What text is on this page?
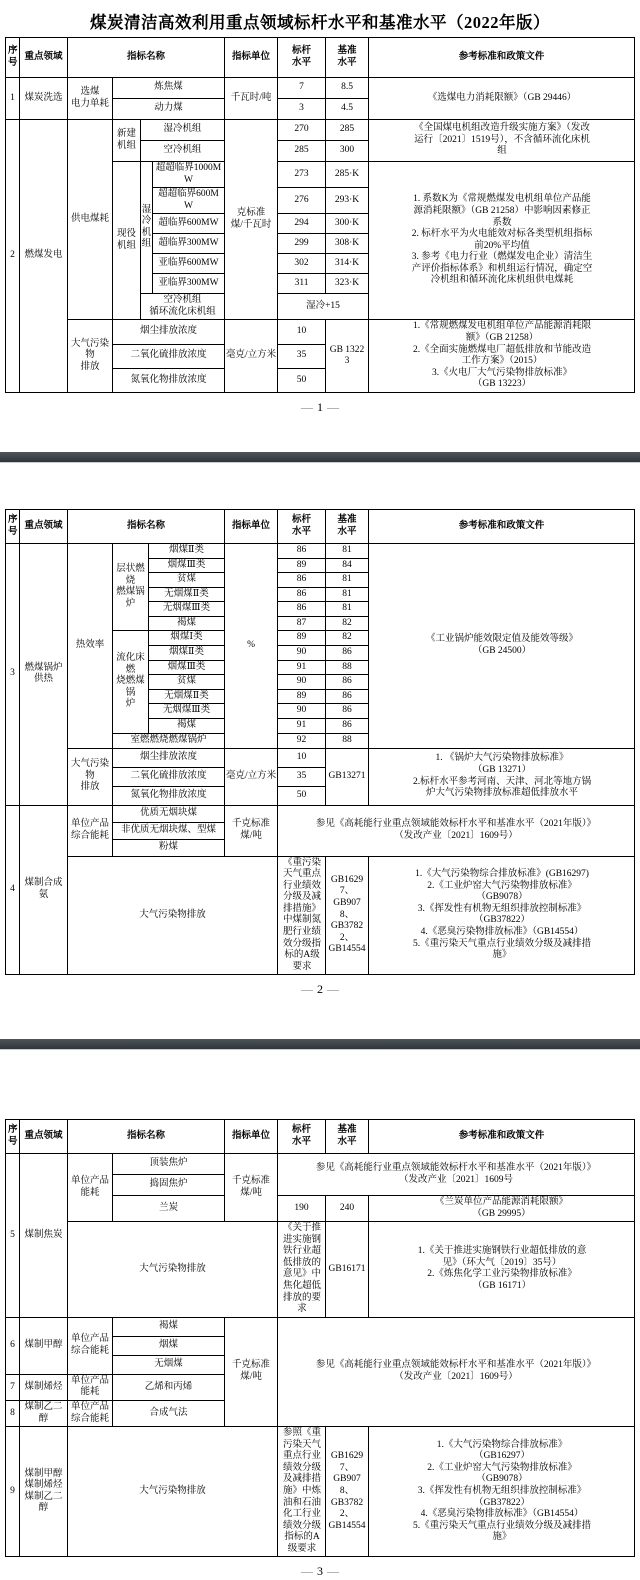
煤炭清洁高效利用重点领域标杆水平和基准水平（2022年版）
序
号	重点领域	指标名称				指标单位	标杆
水平	基准
水平	参考标准和政策文件
1	煤炭洗选	选煤
电力单耗	炼焦煤			千瓦时/吨	7	8.5	《选煤电力消耗限额》（GB 29446）
			动力煤				3	4.5	
2	燃煤发电	供电煤耗	新建
机组	湿冷机组		克标准
煤/千瓦时	270	285	《全国煤电机组改造升级实施方案》（发改
运行〔2021〕1519号），不含循环流化床机
组
				空冷机组			285	300	
现役
机组	湿冷机组	超超临界1000MW	273	285·K	1. 系数K为《常规燃煤发电机组单位产品能
源消耗限额》（GB 21258）中影响因素修正
系数
2. 标杆水平为火电能效对标各类型机组指标
前20%平均值
3. 参考《电力行业（燃煤发电企业）清洁生
产评价指标体系》和机组运行情况，确定空
冷机组和循环流化床机组供电煤耗
					超超临界600MW		276	293·K	
					超临界600MW		294	300·K	
					超临界300MW		299	308·K	
					亚临界600MW		302	314·K	
					亚临界300MW		311	323·K	
				空冷机组
循环流化床机组			湿冷+15		
大气污染物
排放	烟尘排放浓度	毫克/立方米	10	GB 13223	1.《常规燃煤发电机组单位产品能源消耗限
额》（GB 21258）
2.《全面实施燃煤电厂超低排放和节能改造
工作方案》（2015）
3.《火电厂大气污染物排放标准》
（GB 13223）
			二氧化硫排放浓度				35		
			氮氧化物排放浓度				50		
— 1 —
序
号	重点领域	指标名称			指标单位	标杆
水平	基准
水平	参考标准和政策文件
3	燃煤锅炉
供热	热效率	层状燃烧
燃煤锅炉	烟煤Ⅱ类	%	86	81	《工业锅炉能效限定值及能效等级》
（GB 24500）
				烟煤Ⅲ类		89	84	
				贫煤		86	81	
				无烟煤Ⅱ类		86	81	
				无烟煤Ⅲ类		86	81	
				褐煤		87	82	
			流化床燃
烧燃煤锅
炉	烟煤Ⅰ类		89	82	
				烟煤Ⅱ类		90	86	
				烟煤Ⅲ类		91	88	
				贫煤		90	86	
				无烟煤Ⅱ类		89	86	
				无烟煤Ⅲ类		90	86	
				褐煤		91	86	
			室燃燃烧燃煤锅炉			92	88	
		大气污染物
排放	烟尘排放浓度		毫克/立方米	10	GB13271	1. 《锅炉大气污染物排放标准》
（GB 13271）
2.标杆水平参考河南、天津、河北等地方锅
炉大气污染物排放标准超低排放水平
			二氧化硫排放浓度			35		
			氮氧化物排放浓度			50		
4	煤制合成氨	单位产品
综合能耗	优质无烟块煤		千克标准
煤/吨	参见《高耗能行业重点领域能效标杆水平和基准水平（2021年版）》
（发改产业〔2021〕1609号）		
			非优质无烟块煤、型煤					
			粉煤					
大气污染物排放	《重污染天气重点行业绩效分级及减排措施》中煤制氮肥行业绩效分级指标的A级要求	GB16297、
GB9078、
GB37822、
GB14554	1.《大气污染物综合排放标准》(GB16297)
2.《工业炉窑大气污染物排放标准》
（GB9078）
3.《挥发性有机物无组织排放控制标准》
（GB37822）
4.《恶臭污染物排放标准》（GB14554）
5.《重污染天气重点行业绩效分级及减排措
施》
— 2 —
序
号	重点领域	指标名称		指标单位	标杆
水平	基准
水平	参考标准和政策文件
5	煤制焦炭	单位产品
能耗	顶装焦炉	千克标准
煤/吨	参见《高耗能行业重点领域能效标杆水平和基准水平（2021年版）》
（发改产业〔2021〕1609号		
			捣固焦炉				
			兰炭		190	240	《兰炭单位产品能源消耗限额》
（GB 29995）
		大气污染物排放			《关于推进实施钢铁行业超低排放的意见》中焦化超低排放的要求	GB16171	1.《关于推进实施钢铁行业超低排放的意
见》（环大气〔2019〕35号）
2.《炼焦化学工业污染物排放标准》
（GB 16171）
6	煤制甲醇	单位产品
综合能耗	褐煤	千克标准
煤/吨	参见《高耗能行业重点领域能效标杆水平和基准水平（2021年版）》
（发改产业〔2021〕1609号）		
			烟煤				
			无烟煤				
7	煤制烯烃	单位产品
能耗	乙烯和丙烯				
8	煤制乙二醇	单位产品
综合能耗	合成气法				
9	煤制甲醇
煤制烯烃
煤制乙二醇	大气污染物排放	参照《重污染天气重点行业绩效分级及减排措施》中炼油和石油化工行业绩效分级指标的A级要求	GB16297、
GB9078、
GB37822、
GB14554	1.《大气污染物综合排放标准》
（GB16297）
2.《工业炉窑大气污染物排放标准》
（GB9078）
3.《挥发性有机物无组织排放控制标准》
（GB37822）
4.《恶臭污染物排放标准》（GB14554）
5.《重污染天气重点行业绩效分级及减排措
施》
— 3 —
